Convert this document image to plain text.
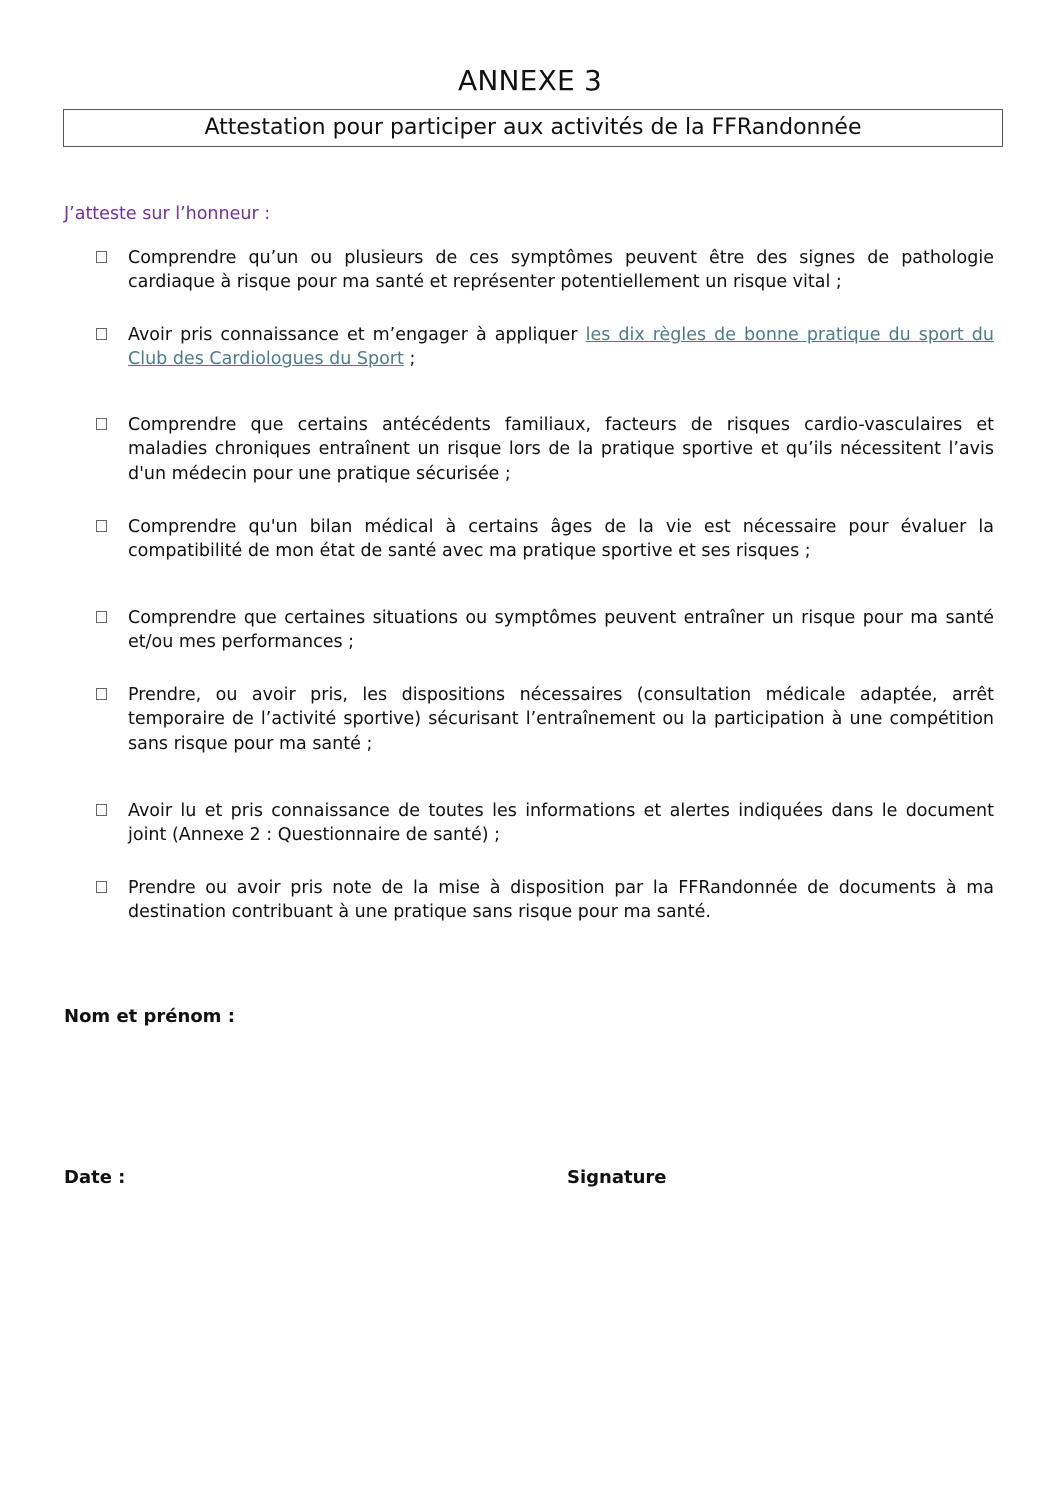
ANNEXE 3
Attestation pour participer aux activités de la FFRandonnée
J’atteste sur l’honneur :
Comprendre qu’un ou plusieurs de ces symptômes peuvent être des signes de pathologie cardiaque à risque pour ma santé et représenter potentiellement un risque vital ;
Avoir pris connaissance et m’engager à appliquer les dix règles de bonne pratique du sport du Club des Cardiologues du Sport ;
Comprendre que certains antécédents familiaux, facteurs de risques cardio-vasculaires et maladies chroniques entraînent un risque lors de la pratique sportive et qu’ils nécessitent l’avis d'un médecin pour une pratique sécurisée ;
Comprendre qu'un bilan médical à certains âges de la vie est nécessaire pour évaluer la compatibilité de mon état de santé avec ma pratique sportive et ses risques ;
Comprendre que certaines situations ou symptômes peuvent entraîner un risque pour ma santé et/ou mes performances ;
Prendre, ou avoir pris, les dispositions nécessaires (consultation médicale adaptée, arrêt temporaire de l’activité sportive) sécurisant l’entraînement ou la participation à une compétition sans risque pour ma santé ;
Avoir lu et pris connaissance de toutes les informations et alertes indiquées dans le document joint (Annexe 2 : Questionnaire de santé) ;
Prendre ou avoir pris note de la mise à disposition par la FFRandonnée de documents à ma destination contribuant à une pratique sans risque pour ma santé.
Nom et prénom :
Date :	Signature
